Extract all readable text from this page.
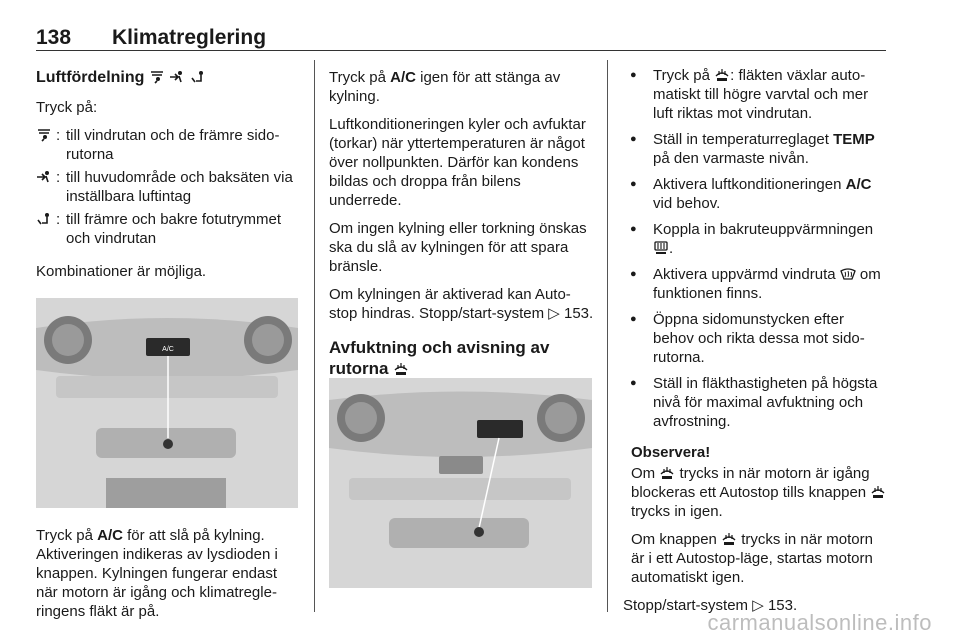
138 Klimatreglering
Luftfördelning

Tryck på:

: till vindrutan och de främre sidorutorna
: till huvudområde och baksäten via inställbara luftintag
: till främre och bakre fotutrymmet och vindrutan

Kombinationer är möjliga.

A/C

Tryck på A/C för att slå på kylning. Aktiveringen indikeras av lysdioden i knappen. Kylningen fungerar endast när motorn är igång och klimatregleringens fläkt är på.

Tryck på A/C igen för att stänga av kylning.

Luftkonditioneringen kyler och avfuktar (torkar) när yttertemperaturen är något över nollpunkten. Därför kan kondens bildas och droppa från bilens underrede.

Om ingen kylning eller torkning önskas ska du slå av kylningen för att spara bränsle.

Om kylningen är aktiverad kan Auto-stop hindras. Stopp/start-system ▷ 153.

Avfuktning och avisning av rutorna
● Tryck på
: fläkten växlar automatiskt till högre varvtal och mer luft riktas mot vindrutan.
● Ställ in temperaturreglaget TEMP på den varmaste nivån.
● Aktivera luftkonditioneringen A/C vid behov.
● Koppla in bakruteuppvärmningen
.
● Aktivera uppvärmd vindruta
om funktionen finns.
● Öppna sidomunstycken efter behov och rikta dessa mot sidorutorna.
● Ställ in fläkthastigheten på högsta nivå för maximal avfuktning och avfrostning.

Observera!

Om
trycks in när motorn är igång blockeras ett Autostop tills knappen
trycks in igen.

Om knappen
trycks in när motorn är i ett Autostop-läge, startas motorn automatiskt igen.

Stopp/start-system ▷ 153.

carmanualsonline.info
